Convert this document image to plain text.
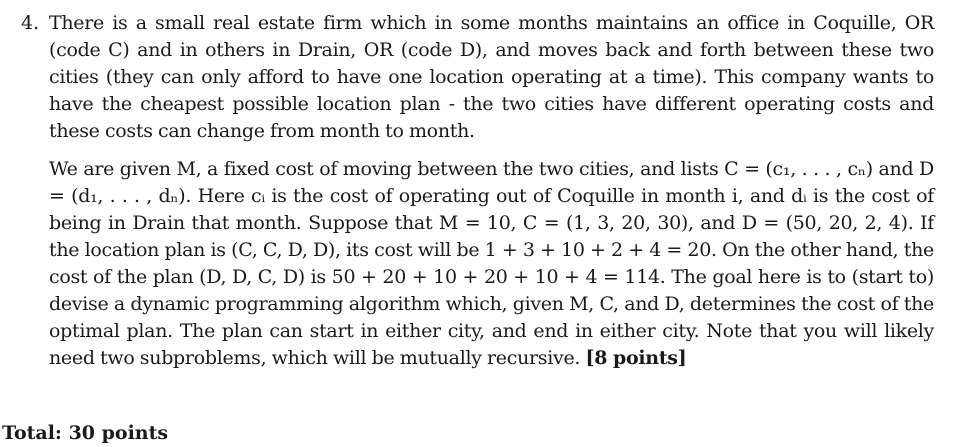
4. There is a small real estate firm which in some months maintains an office in Coquille, OR (code C) and in others in Drain, OR (code D), and moves back and forth between these two cities (they can only afford to have one location operating at a time). This company wants to have the cheapest possible location plan - the two cities have different operating costs and these costs can change from month to month.

We are given M, a fixed cost of moving between the two cities, and lists C = (c₁, . . . , cₙ) and D = (d₁, . . . , dₙ). Here cᵢ is the cost of operating out of Coquille in month i, and dᵢ is the cost of being in Drain that month. Suppose that M = 10, C = (1, 3, 20, 30), and D = (50, 20, 2, 4). If the location plan is (C, C, D, D), its cost will be 1 + 3 + 10 + 2 + 4 = 20. On the other hand, the cost of the plan (D, D, C, D) is 50 + 20 + 10 + 20 + 10 + 4 = 114. The goal here is to (start to) devise a dynamic programming algorithm which, given M, C, and D, determines the cost of the optimal plan. The plan can start in either city, and end in either city. Note that you will likely need two subproblems, which will be mutually recursive. [8 points]

Total: 30 points
